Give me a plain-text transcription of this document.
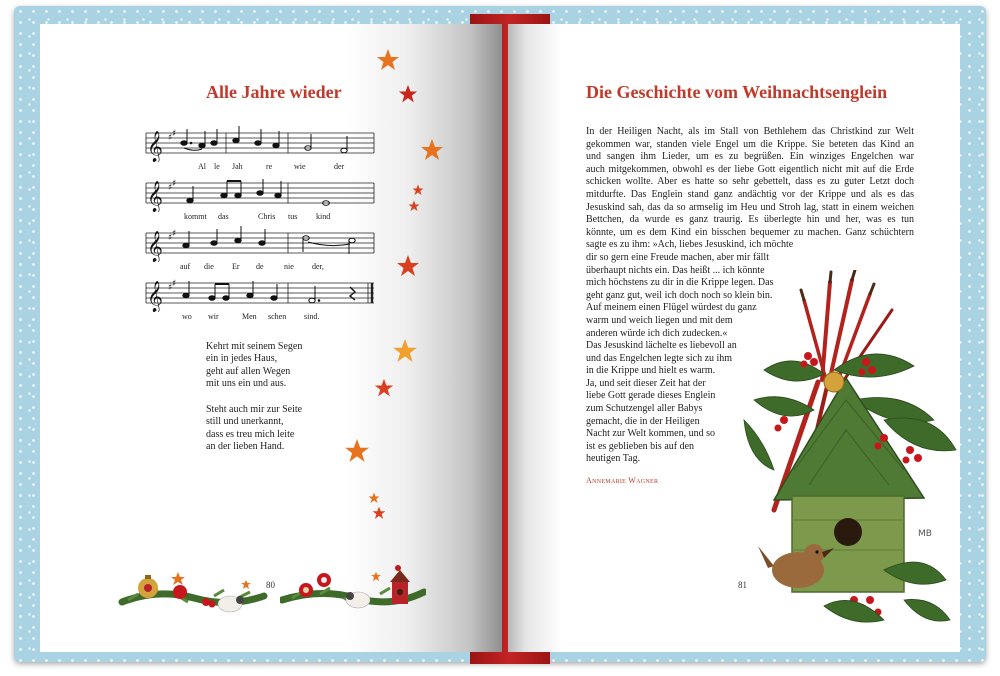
Alle Jahre wieder
𝄞 ♯ ♯
Al le Jah	re	wie	der
𝄞 ♯ ♯
kommt das	Chris tus kind
𝄞 ♯ ♯
auf die Er de	nie der,
𝄞 ♯ ♯
wo wir	Men schen sind.
Kehrt mit seinem Segen
ein in jedes Haus,
geht auf allen Wegen
mit uns ein und aus.
Steht auch mir zur Seite
still und unerkannt,
dass es treu mich leite
an der lieben Hand.
80
Die Geschichte vom Weihnachtsenglein
In der Heiligen Nacht, als im Stall von Bethlehem das Christkind zur Welt
gekommen war, standen viele Engel um die Krippe. Sie beteten das Kind an
und sangen ihm Lieder, um es zu begrüßen. Ein winziges Engelchen war
auch mitgekommen, obwohl es der liebe Gott eigentlich nicht mit auf die Erde
schicken wollte. Aber es hatte so sehr gebettelt, dass es zu guter Letzt doch
mitdurfte. Das Englein stand ganz andächtig vor der Krippe und als es das
Jesuskind sah, das da so armselig im Heu und Stroh lag, statt in einem weichen
Bettchen, da wurde es ganz traurig. Es überlegte hin und her, was es tun
könnte, um es dem Kind ein bisschen bequemer zu machen. Ganz schüchtern
sagte es zu ihm: »Ach, liebes Jesuskind, ich möchte
dir so gern eine Freude machen, aber mir fällt
überhaupt nichts ein. Das heißt ... ich könnte
mich höchstens zu dir in die Krippe legen. Das
geht ganz gut, weil ich doch noch so klein bin.
Auf meinem einen Flügel würdest du ganz
warm und weich liegen und mit dem
anderen würde ich dich zudecken.«
Das Jesuskind lächelte es liebevoll an
und das Engelchen legte sich zu ihm
in die Krippe und hielt es warm.
Ja, und seit dieser Zeit hat der
liebe Gott gerade dieses Englein
zum Schutzengel aller Babys
gemacht, die in der Heiligen
Nacht zur Welt kommen, und so
ist es geblieben bis auf den
heutigen Tag.
Annemarie Wagner
81
MB
